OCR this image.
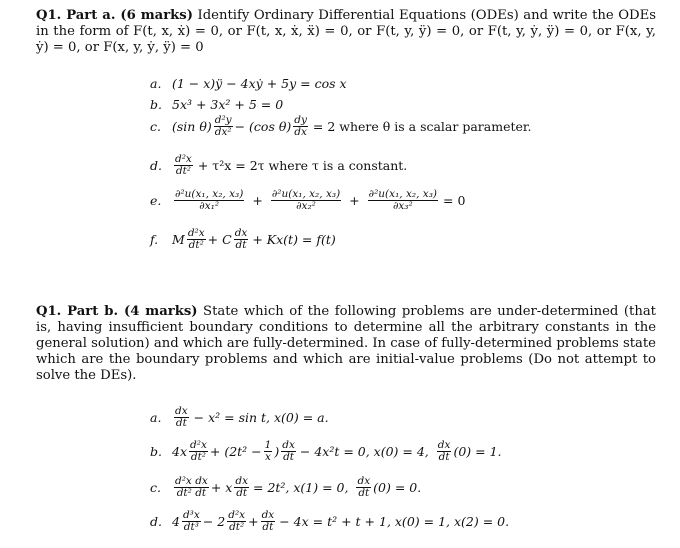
Q1. Part a. (6 marks) Identify Ordinary Differential Equations (ODEs) and write the ODEs in the form of F(t, x, ẋ) = 0, or F(t, x, ẋ, ẍ) = 0, or F(t, y, ÿ) = 0, or F(t, y, ẏ, ÿ) = 0, or F(x, y, ẏ) = 0, or F(x, y, ẏ, ÿ) = 0
a. (1 − x)ÿ − 4xẏ + 5y = cos x
b. 5x³ + 3x² + 5 = 0
c. (sin $\theta) \frac{\text{d²y}}{\text{dx²}} - (\cos$ $\theta) \frac{dy}{dx} = 2$ where θ is a scalar parameter.
d.	$\frac{\text{d²x}}{\text{dt²}} + \tau^2x = 2\tau$ where τ is a constant.
e.	$\frac{\text{∂²u(x₁, x₂, x₃)}}{\text{∂x₁²}} + \frac{\text{∂²u(x₁, x₂, x₃)}}{\text{∂x₂²}} + \frac{\text{∂²u(x₁, x₂, x₃)}}{\text{∂x₃²}} = 0$
f.	M $\frac{\text{d²x}}{\text{dt²}} + C \frac{dx}{dt} + Kx(t) = f(t)$
Q1. Part b. (4 marks) State which of the following problems are under-determined (that is, having insufficient boundary conditions to determine all the arbitrary constants in the general solution) and which are fully-determined. In case of fully-determined problems state which are the boundary problems and which are initial-value problems (Do not attempt to solve the DEs).
a.	$\frac{dx}{dt} - x^2 = \sin t$, x(0) = a.
b. $4x \frac{\text{d²x}}{\text{dt²}} + (2t^2 - \frac{1}{x}$ ) $\frac{dx}{dt} - 4x^2t = 0$, x(0) = 4, $\frac{dx}{dt} (0) = 1$.
c.	$\frac{\text{d²x dx}}{\text{dt² dt}} + x \frac{dx}{dt} = 2t^2$, x(1) = 0, $\frac{dx}{dt} (0) = 0$.
d. $4 \frac{\text{d³x}}{\text{dt³}} - 2 \frac{\text{d²x}}{\text{dt²}} + \frac{dx}{dt} - 4x = t^2 + t + 1$, x(0) = 1, x(2) = 0.
